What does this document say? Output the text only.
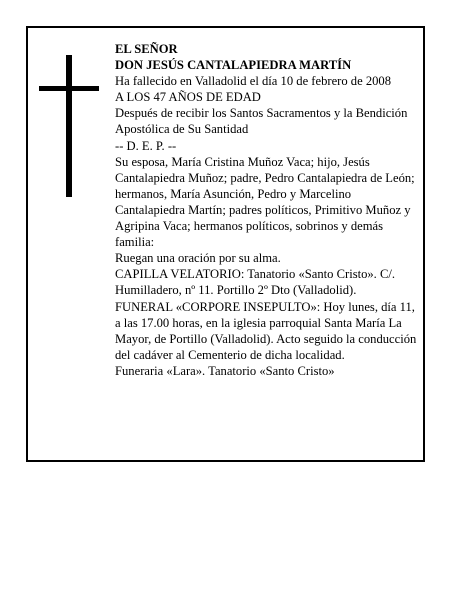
EL SEÑOR

DON JESÚS CANTALAPIEDRA MARTÍN

Ha fallecido en Valladolid el día 10 de febrero de 2008

A LOS 47 AÑOS DE EDAD

Después de recibir los Santos Sacramentos y la Bendición Apostólica de Su Santidad

-- D. E. P. --

Su esposa, María Cristina Muñoz Vaca; hijo, Jesús Cantalapiedra Muñoz; padre, Pedro Cantalapiedra de León; hermanos, María Asunción, Pedro y Marcelino Cantalapiedra Martín; padres políticos, Primitivo Muñoz y Agripina Vaca; hermanos políticos, sobrinos y demás familia:

Ruegan una oración por su alma.

CAPILLA VELATORIO: Tanatorio «Santo Cristo». C/. Humilladero, nº 11. Portillo 2º Dto (Valladolid).

FUNERAL «CORPORE INSEPULTO»: Hoy lunes, día 11, a las 17.00 horas, en la iglesia parroquial Santa María La Mayor, de Portillo (Valladolid). Acto seguido la conducción del cadáver al Cementerio de dicha localidad.

Funeraria «Lara». Tanatorio «Santo Cristo»
